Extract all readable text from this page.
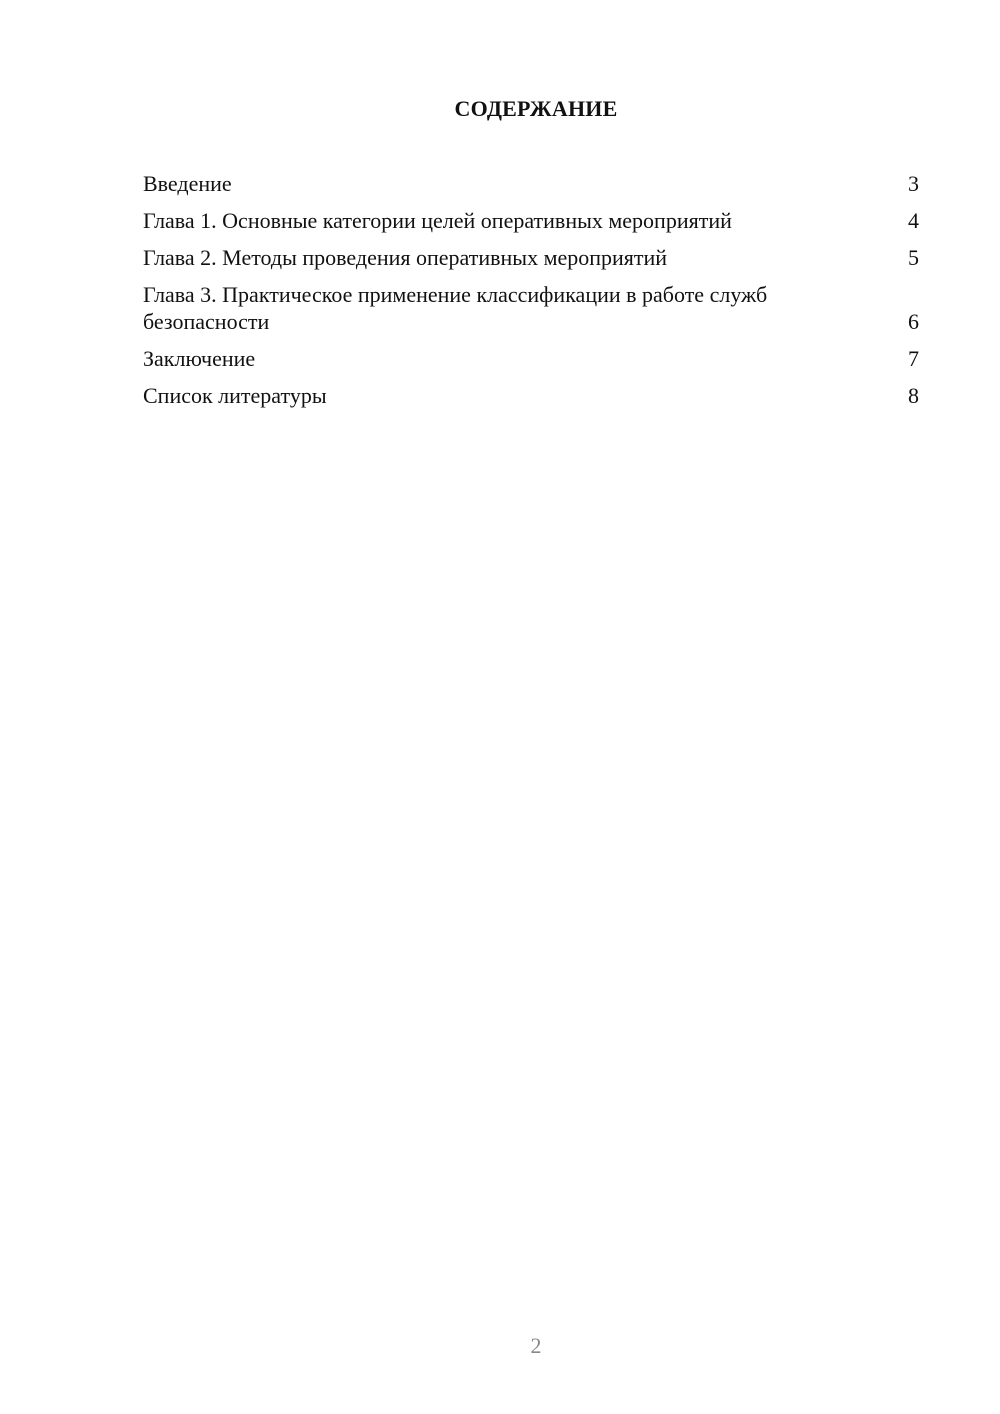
СОДЕРЖАНИЕ
Введение	3
Глава 1. Основные категории целей оперативных мероприятий	4
Глава 2. Методы проведения оперативных мероприятий	5
Глава 3. Практическое применение классификации в работе служб безопасности	6
Заключение	7
Список литературы	8
2
